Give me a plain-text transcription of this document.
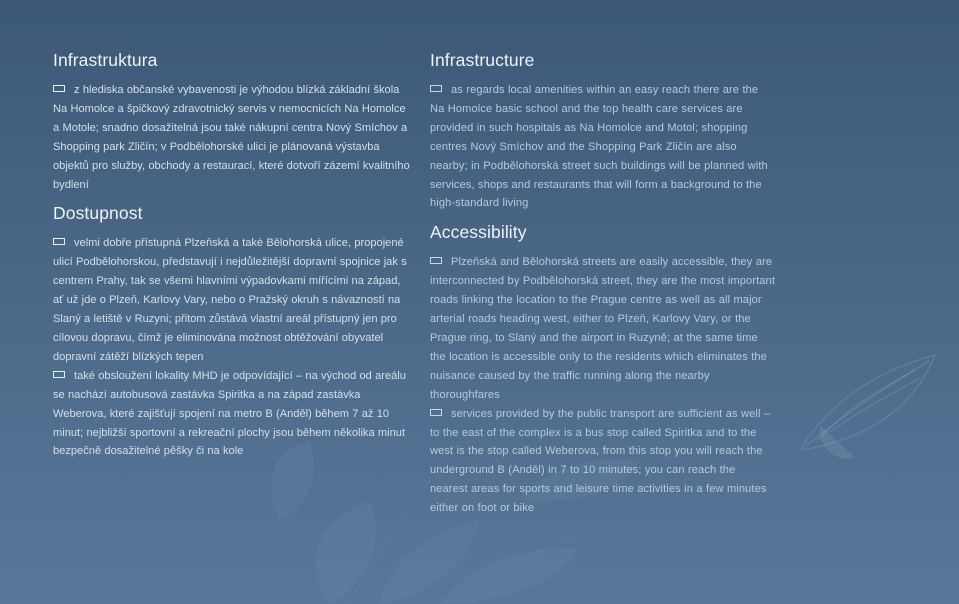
Infrastruktura

z hlediska občanské vybavenosti je výhodou blízká základní škola Na Homolce a špičkový zdravotnický servis v nemocnicích Na Homolce a Motole; snadno dosažitelná jsou také nákupní centra Nový Smíchov a Shopping park Zličín; v Podbělohorské ulici je plánovaná výstavba objektů pro služby, obchody a restaurací, které dotvoří zázemí kvalitního bydlení

Dostupnost

velmi dobře přístupná Plzeňská a také Bělohorská ulice, propojené ulicí Podbělohorskou, představují i nejdůležitější dopravní spojnice jak s centrem Prahy, tak se všemi hlavními výpadovkami mířícími na západ, ať už jde o Plzeň, Karlovy Vary, nebo o Pražský okruh s návazností na Slaný a letiště v Ruzyni; přitom zůstává vlastní areál přístupný jen pro cílovou dopravu, čímž je eliminována možnost obtěžování obyvatel dopravní zátěží blízkých tepen

také obsloužení lokality MHD je odpovídající – na východ od areálu se nachází autobusová zastávka Spiritka a na západ zastávka Weberova, které zajišťují spojení na metro B (Anděl) během 7 až 10 minut; nejbližší sportovní a rekreační plochy jsou během několika minut bezpečně dosažitelné pěšky či na kole

Infrastructure

as regards local amenities within an easy reach there are the Na Homolce basic school and the top health care services are provided in such hospitals as Na Homolce and Motol; shopping centres Nový Smíchov and the Shopping Park Zličín are also nearby; in Podbělohorská street such buildings will be planned with services, shops and restaurants that will form a background to the high-standard living

Accessibility

Plzeňská and Bělohorská streets are easily accessible, they are interconnected by Podbělohorská street, they are the most important roads linking the location to the Prague centre as well as all major arterial roads heading west, either to Plzeň, Karlovy Vary, or the Prague ring, to Slaný and the airport in Ruzyně; at the same time the location is accessible only to the residents which eliminates the nuisance caused by the traffic running along the nearby thoroughfares

services provided by the public transport are sufficient as well – to the east of the complex is a bus stop called Spiritka and to the west is the stop called Weberova, from this stop you will reach the underground B (Anděl) in 7 to 10 minutes; you can reach the nearest areas for sports and leisure time activities in a few minutes either on foot or bike
